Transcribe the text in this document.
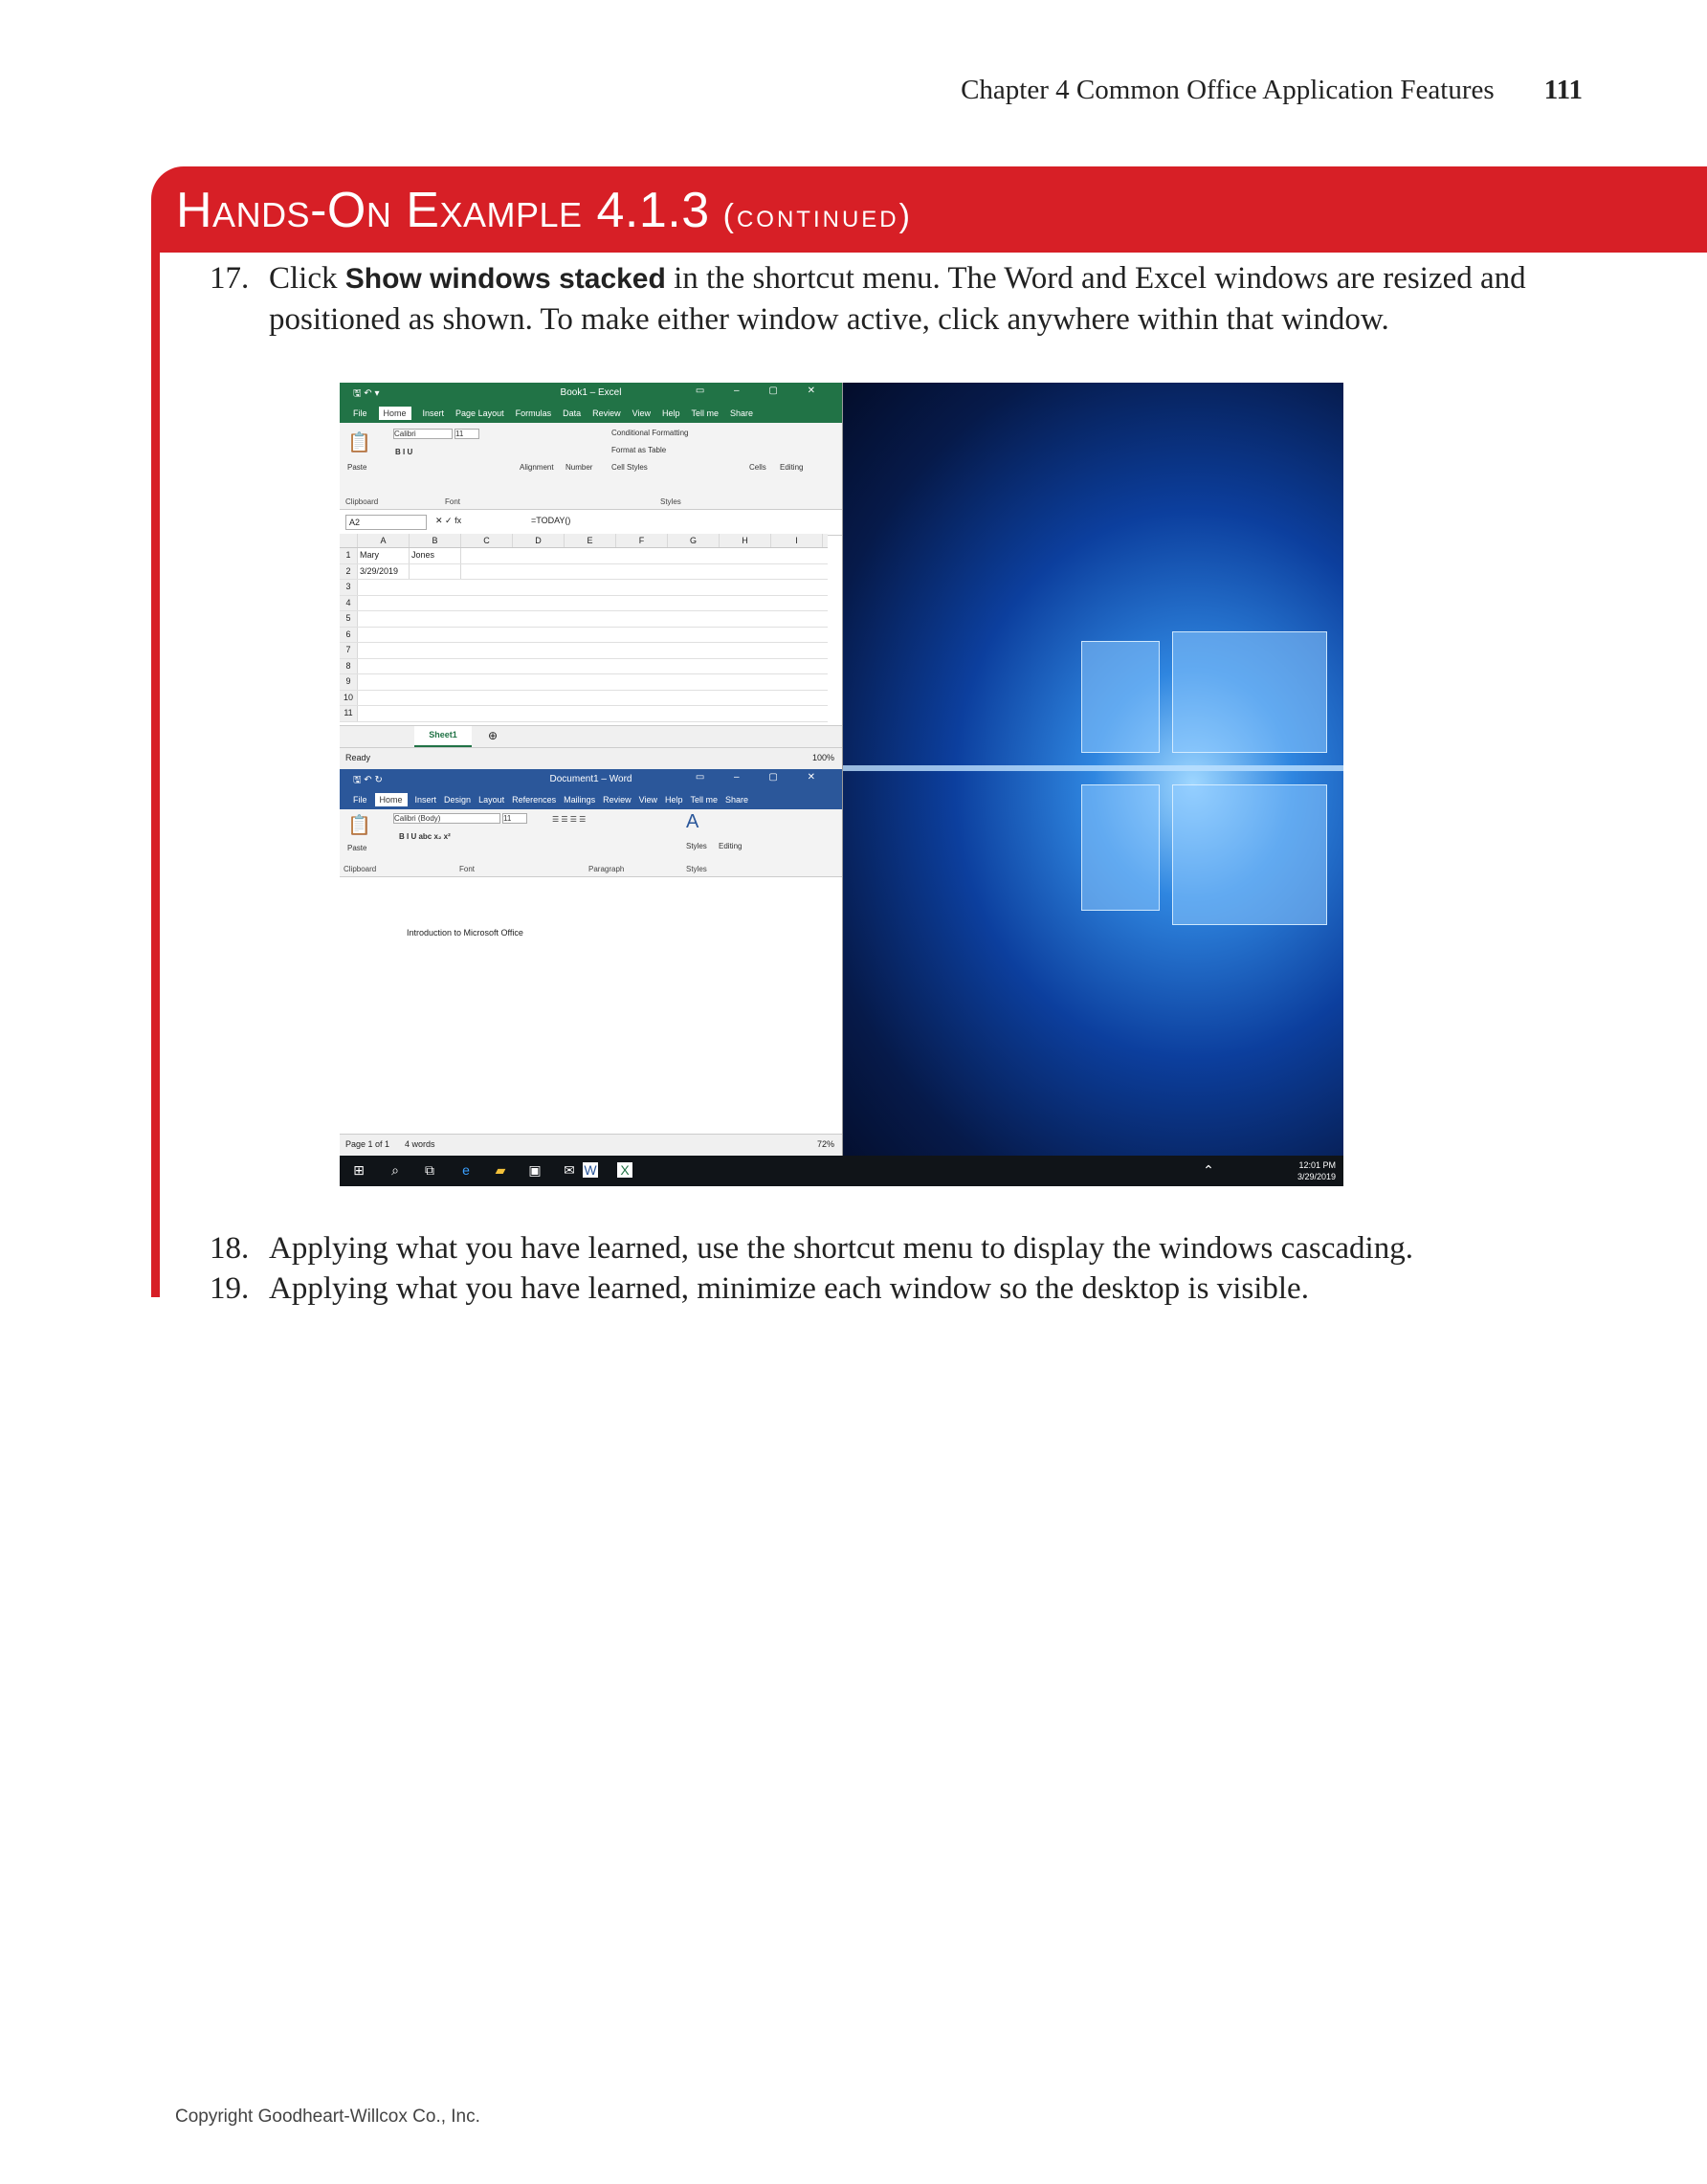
Chapter 4 Common Office Application Features 111
Hands-On Example 4.1.3 (continued)
17. Click Show windows stacked in the shortcut menu. The Word and Excel windows are resized and
positioned as shown. To make either window active, click anywhere within that window.
🖫 ↶ ▾	Book1 – Excel	▭ – ▢ ✕
File	Home	Insert Page Layout Formulas Data Review View Help Tell me Share
📋
Paste
Calibri	11
B I U
Alignment Number
Conditional Formatting
Format as Table
Cell Styles	Cells Editing
Clipboard	Font	Styles
A2	✕ ✓ fx	=TODAY()
A	B	C	D	E	F	G	H	I
1	Mary	Jones
2	3/29/2019
3
4
5
6
7
8
9
10
11
Sheet1	⊕
Ready	100%
🖫 ↶ ↻	Document1 – Word	▭ – ▢ ✕
File	Home	Insert Design Layout References Mailings Review View Help Tell me Share
📋
Paste
Calibri (Body)	11
B I U abc x₂ x²
☰ ☰ ☰ ☰	A
Styles Editing
Clipboard	Font	Paragraph	Styles
Introduction to Microsoft Office
Page 1 of 1 4 words	72%
⊞ ⌕ ⧉ e ▰ ▣ ✉ W X	⌃	12:01 PM
3/29/2019
18. Applying what you have learned, use the shortcut menu to display the windows cascading.
19. Applying what you have learned, minimize each window so the desktop is visible.
Copyright Goodheart-Willcox Co., Inc.
